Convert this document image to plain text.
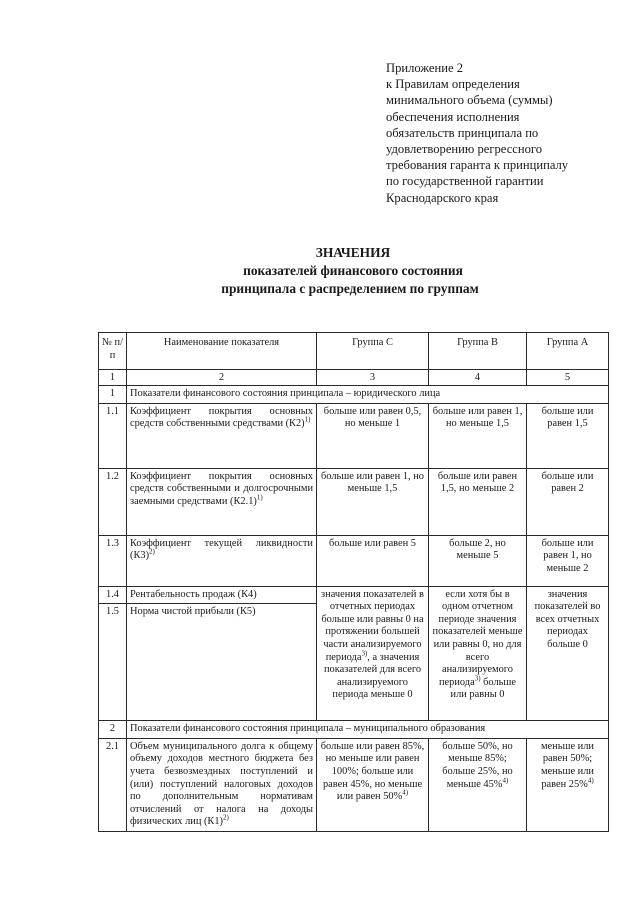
Приложение 2
к Правилам определения
минимального объема (суммы)
обеспечения исполнения
обязательств принципала по
удовлетворению регрессного
требования гаранта к принципалу
по государственной гарантии
Краснодарского края
ЗНАЧЕНИЯ
показателей финансового состояния
принципала с распределением по группам
№ п/п	Наименование показателя	Группа С	Группа В	Группа А
1	2	3	4	5
1	Показатели финансового состояния принципала – юридического лица			
1.1	Коэффициент покрытия основных средств собственными средствами $(К2)^{1)}$	больше или равен 0,5, но меньше 1	больше или равен 1, но меньше 1,5	больше или равен 1,5
1.2	Коэффициент покрытия основных средств собственными и долгосрочными заемными средствами $(К2.1)^{1)}$	больше или равен 1, но меньше 1,5	больше или равен 1,5, но меньше 2	больше или равен 2
1.3	Коэффициент текущей ликвидности $(К3)^{2)}$	больше или равен 5	больше 2, но меньше 5	больше или равен 1, но меньше 2
1.4	Рентабельность продаж (К4)	значения показателей в отчетных периодах больше или равны 0 на протяжении большей части анализируемого периода$^{3)}$, а значения показателей для всего анализируемого периода меньше 0	если хотя бы в одном отчетном периоде значения показателей меньше или равны 0, но для всего анализируемого периода$^{3)}$ больше или равны 0	значения показателей во всех отчетных периодах больше 0
1.5	Норма чистой прибыли (К5)			
2	Показатели финансового состояния принципала – муниципального образования			
2.1	Объем муниципального долга к общему объему доходов местного бюджета без учета безвозмездных поступлений и (или) поступлений налоговых доходов по дополнительным нормативам отчислений от налога на доходы физических лиц $(К1)^{2)}$	больше или равен 85%, но меньше или равен 100%; больше или равен 45%, но меньше или равен 50%$^{4)}$	больше 50%, но меньше 85%; больше 25%, но меньше 45%$^{4)}$	меньше или равен 50%; меньше или равен 25%$^{4)}$
